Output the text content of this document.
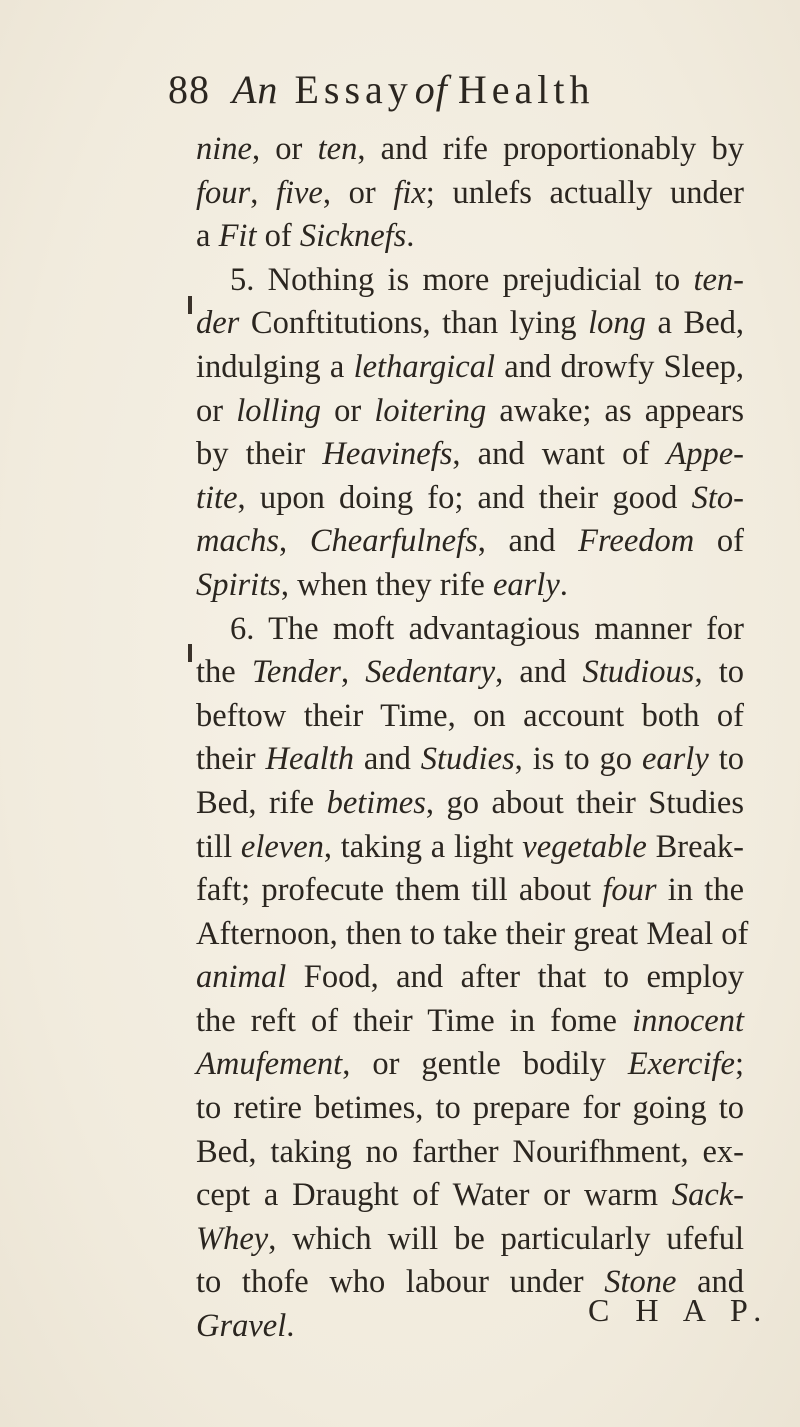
88 An Essayof Health
nine, or ten, and rife proportionably by
four, five, or fix; unlefs actually under
a Fit of Sicknefs.
5. Nothing is more prejudicial to ten-
der Conftitutions, than lying long a Bed,
indulging a lethargical and drowfy Sleep,
or lolling or loitering awake; as appears
by their Heavinefs, and want of Appe-
tite, upon doing fo; and their good Sto-
machs, Chearfulnefs, and Freedom of
Spirits, when they rife early.
6. The moft advantagious manner for
the Tender, Sedentary, and Studious, to
beftow their Time, on account both of
their Health and Studies, is to go early to
Bed, rife betimes, go about their Studies
till eleven, taking a light vegetable Break-
faft; profecute them till about four in the
Afternoon, then to take their great Meal of
animal Food, and after that to employ
the reft of their Time in fome innocent
Amufement, or gentle bodily Exercife;
to retire betimes, to prepare for going to
Bed, taking no farther Nourifhment, ex-
cept a Draught of Water or warm Sack-
Whey, which will be particularly ufeful
to thofe who labour under Stone and
Gravel.	C H A P.
